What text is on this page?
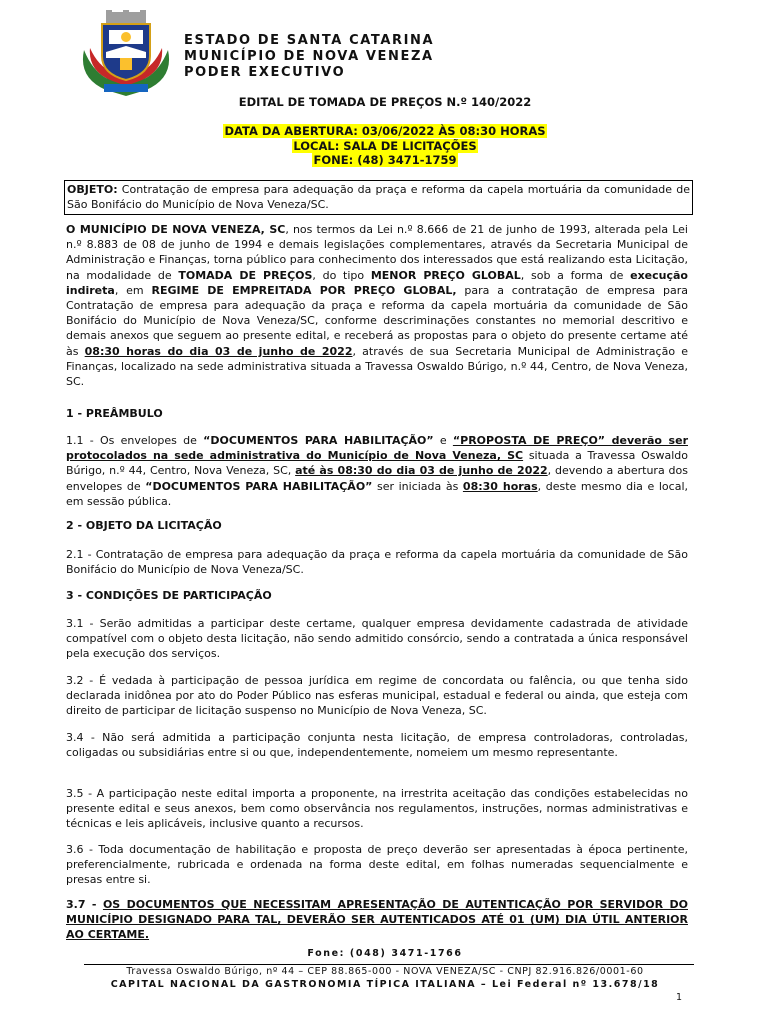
ESTADO DE SANTA CATARINA
MUNICÍPIO DE NOVA VENEZA
PODER EXECUTIVO
EDITAL DE TOMADA DE PREÇOS N.º 140/2022
DATA DA ABERTURA: 03/06/2022 ÀS 08:30 HORAS
LOCAL: SALA DE LICITAÇÕES
FONE: (48) 3471-1759
OBJETO: Contratação de empresa para adequação da praça e reforma da capela mortuária da comunidade de São Bonifácio do Município de Nova Veneza/SC.
O MUNICÍPIO DE NOVA VENEZA, SC, nos termos da Lei n.º 8.666 de 21 de junho de 1993, alterada pela Lei n.º 8.883 de 08 de junho de 1994 e demais legislações complementares, através da Secretaria Municipal de Administração e Finanças, torna público para conhecimento dos interessados que está realizando esta Licitação, na modalidade de TOMADA DE PREÇOS, do tipo MENOR PREÇO GLOBAL, sob a forma de execução indireta, em REGIME DE EMPREITADA POR PREÇO GLOBAL, para a contratação de empresa para Contratação de empresa para adequação da praça e reforma da capela mortuária da comunidade de São Bonifácio do Município de Nova Veneza/SC, conforme descriminações constantes no memorial descritivo e demais anexos que seguem ao presente edital, e receberá as propostas para o objeto do presente certame até às 08:30 horas do dia 03 de junho de 2022, através de sua Secretaria Municipal de Administração e Finanças, localizado na sede administrativa situada a Travessa Oswaldo Búrigo, n.º 44, Centro, de Nova Veneza, SC.
1 - PREÂMBULO
1.1 - Os envelopes de “DOCUMENTOS PARA HABILITAÇÃO” e “PROPOSTA DE PREÇO” deverão ser protocolados na sede administrativa do Município de Nova Veneza, SC situada a Travessa Oswaldo Búrigo, n.º 44, Centro, Nova Veneza, SC, até às 08:30 do dia 03 de junho de 2022, devendo a abertura dos envelopes de “DOCUMENTOS PARA HABILITAÇÃO” ser iniciada às 08:30 horas, deste mesmo dia e local, em sessão pública.
2 - OBJETO DA LICITAÇÃO
2.1 - Contratação de empresa para adequação da praça e reforma da capela mortuária da comunidade de São Bonifácio do Município de Nova Veneza/SC.
3 - CONDIÇÕES DE PARTICIPAÇÃO
3.1 - Serão admitidas a participar deste certame, qualquer empresa devidamente cadastrada de atividade compatível com o objeto desta licitação, não sendo admitido consórcio, sendo a contratada a única responsável pela execução dos serviços.
3.2 - É vedada à participação de pessoa jurídica em regime de concordata ou falência, ou que tenha sido declarada inidônea por ato do Poder Público nas esferas municipal, estadual e federal ou ainda, que esteja com direito de participar de licitação suspenso no Município de Nova Veneza, SC.
3.4 - Não será admitida a participação conjunta nesta licitação, de empresa controladoras, controladas, coligadas ou subsidiárias entre si ou que, independentemente, nomeiem um mesmo representante.
3.5 - A participação neste edital importa a proponente, na irrestrita aceitação das condições estabelecidas no presente edital e seus anexos, bem como observância nos regulamentos, instruções, normas administrativas e técnicas e leis aplicáveis, inclusive quanto a recursos.
3.6 - Toda documentação de habilitação e proposta de preço deverão ser apresentadas à época pertinente, preferencialmente, rubricada e ordenada na forma deste edital, em folhas numeradas sequencialmente e presas entre si.
3.7 - OS DOCUMENTOS QUE NECESSITAM APRESENTAÇÃO DE AUTENTICAÇÃO POR SERVIDOR DO MUNICÍPIO DESIGNADO PARA TAL, DEVERÃO SER AUTENTICADOS ATÉ 01 (UM) DIA ÚTIL ANTERIOR AO CERTAME.
Fone: (048) 3471-1766
Travessa Oswaldo Búrigo, nº 44 – CEP 88.865-000 - NOVA VENEZA/SC - CNPJ 82.916.826/0001-60
CAPITAL NACIONAL DA GASTRONOMIA TÍPICA ITALIANA – Lei Federal nº 13.678/18
1
